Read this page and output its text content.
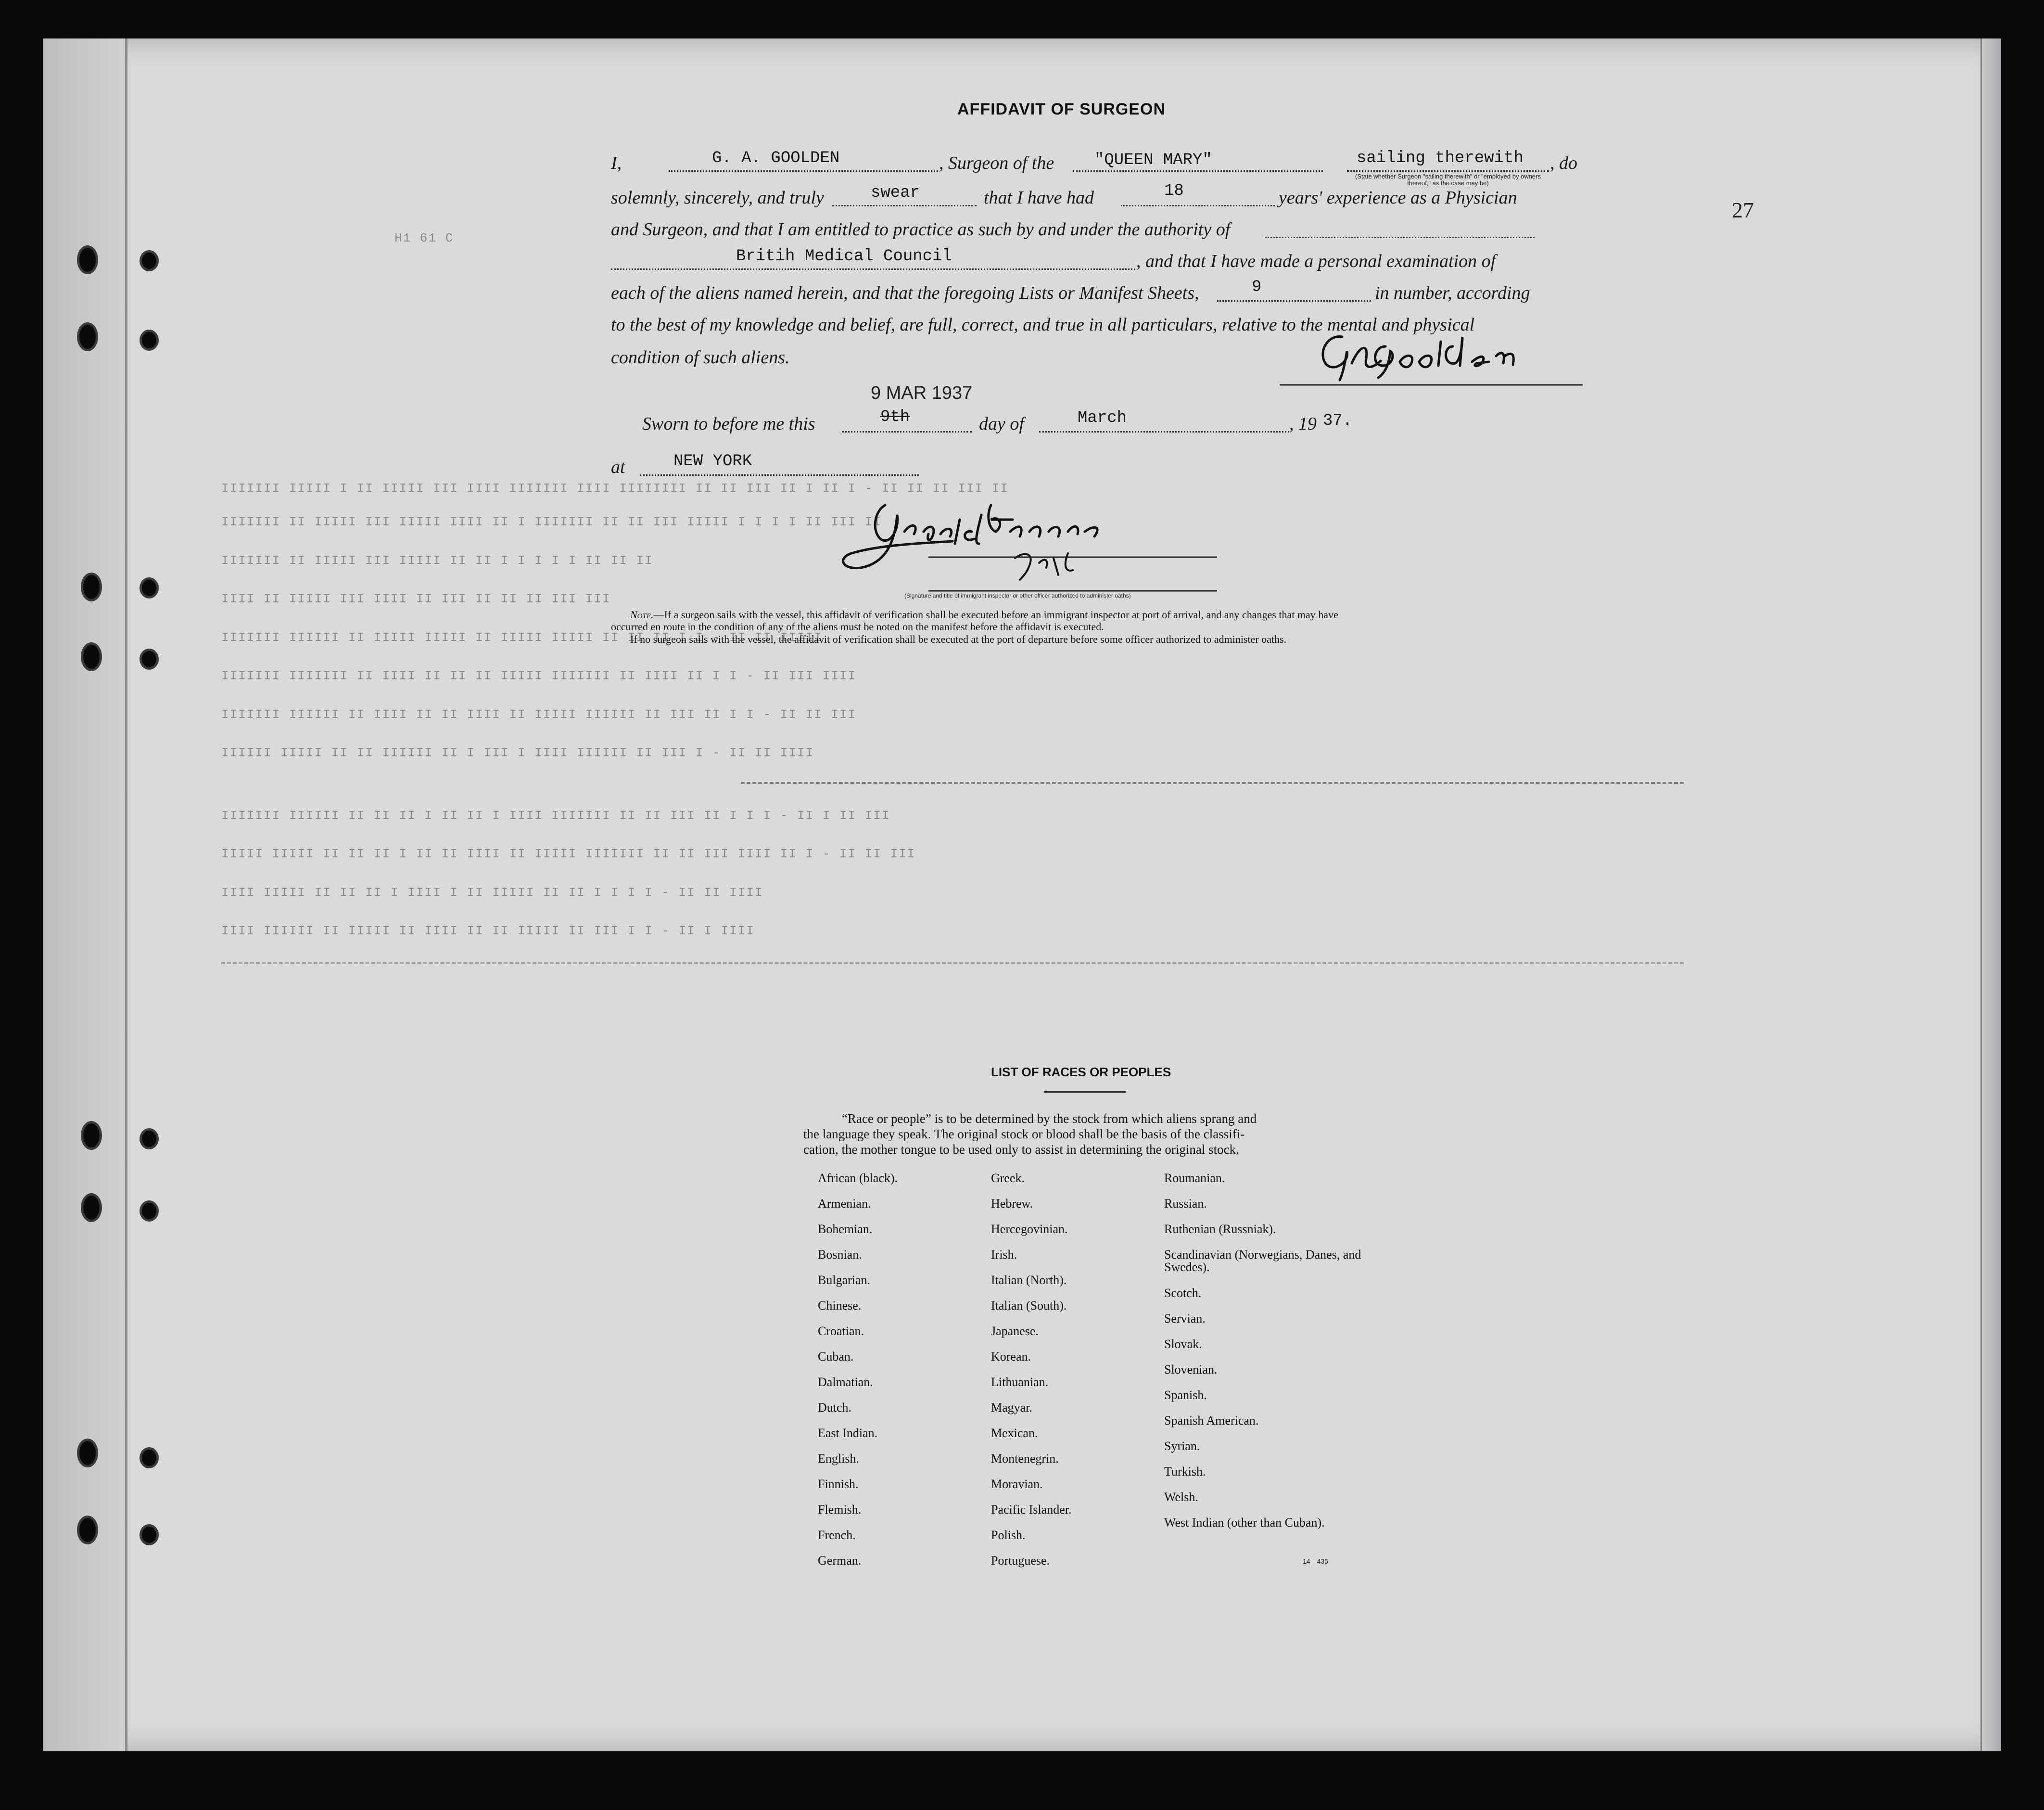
H1 61 C
27
AFFIDAVIT OF SURGEON
I,	G. A. GOOLDEN	, Surgeon of the "QUEEN MARY"	sailing therewith , do
(State whether Surgeon "sailing therewith" or "employed by owners thereof," as the case may be)
solemnly, sincerely, and truly	swear	that I have had	18	years' experience as a Physician
and Surgeon, and that I am entitled to practice as such by and under the authority of
Britih Medical Council	, and that I have made a personal examination of
each of the aliens named herein, and that the foregoing Lists or Manifest Sheets,	9	in number, according
to the best of my knowledge and belief, are full, correct, and true in all particulars, relative to the mental and physical
condition of such aliens.
9 MAR 1937
Sworn to before me this	9th	day of	March	, 19 37.
at	NEW YORK
IIIIIII IIIII I II IIIII III IIII IIIIIII IIII IIIIIIII II II III II I II I - II II II III II
IIIIIII II IIIII III IIIII IIII II I IIIIIII II II III IIIII I I I I II III II
IIIIIII II IIIII III IIIII II II I I I I I II II II
IIII II IIIII III IIII II III II II II III III
IIIIIII IIIIII II IIIII IIIII II IIIII IIIII II II II I I - II II IIIII
IIIIIII IIIIIII II IIII II II II IIIII IIIIIII II IIII II I I - II III IIII
IIIIIII IIIIII II IIII II II IIII II IIIII IIIIII II III II I I - II II III
IIIIII IIIII II II IIIIII II I III I IIII IIIIII II III I - II II IIII
IIIIIII IIIIII II II II I II II I IIII IIIIIII II II III II I I I - II I II III
IIIII IIIII II II II I II II IIII II IIIII IIIIIII II II III IIII II I - II II III
IIII IIIII II II II I IIII I II IIIII II II I I I I - II II IIII
IIII IIIIII II IIIII II IIII II II IIIII II III I I - II I IIII
(Signature and title of immigrant inspector or other officer authorized to administer oaths)
Note.—If a surgeon sails with the vessel, this affidavit of verification shall be executed before an immigrant inspector at port of arrival, and any changes that may have
occurred en route in the condition of any of the aliens must be noted on the manifest before the affidavit is executed.
If no surgeon sails with the vessel, the affidavit of verification shall be executed at the port of departure before some officer authorized to administer oaths.
LIST OF RACES OR PEOPLES
“Race or people” is to be determined by the stock from which aliens sprang and
the language they speak. The original stock or blood shall be the basis of the classifi-
cation, the mother tongue to be used only to assist in determining the original stock.
African (black).
Armenian.
Bohemian.
Bosnian.
Bulgarian.
Chinese.
Croatian.
Cuban.
Dalmatian.
Dutch.
East Indian.
English.
Finnish.
Flemish.
French.
German.
Greek.
Hebrew.
Hercegovinian.
Irish.
Italian (North).
Italian (South).
Japanese.
Korean.
Lithuanian.
Magyar.
Mexican.
Montenegrin.
Moravian.
Pacific Islander.
Polish.
Portuguese.
Roumanian.
Russian.
Ruthenian (Russniak).
Scandinavian (Norwegians, Danes, and Swedes).
Scotch.
Servian.
Slovak.
Slovenian.
Spanish.
Spanish American.
Syrian.
Turkish.
Welsh.
West Indian (other than Cuban).
14—435
